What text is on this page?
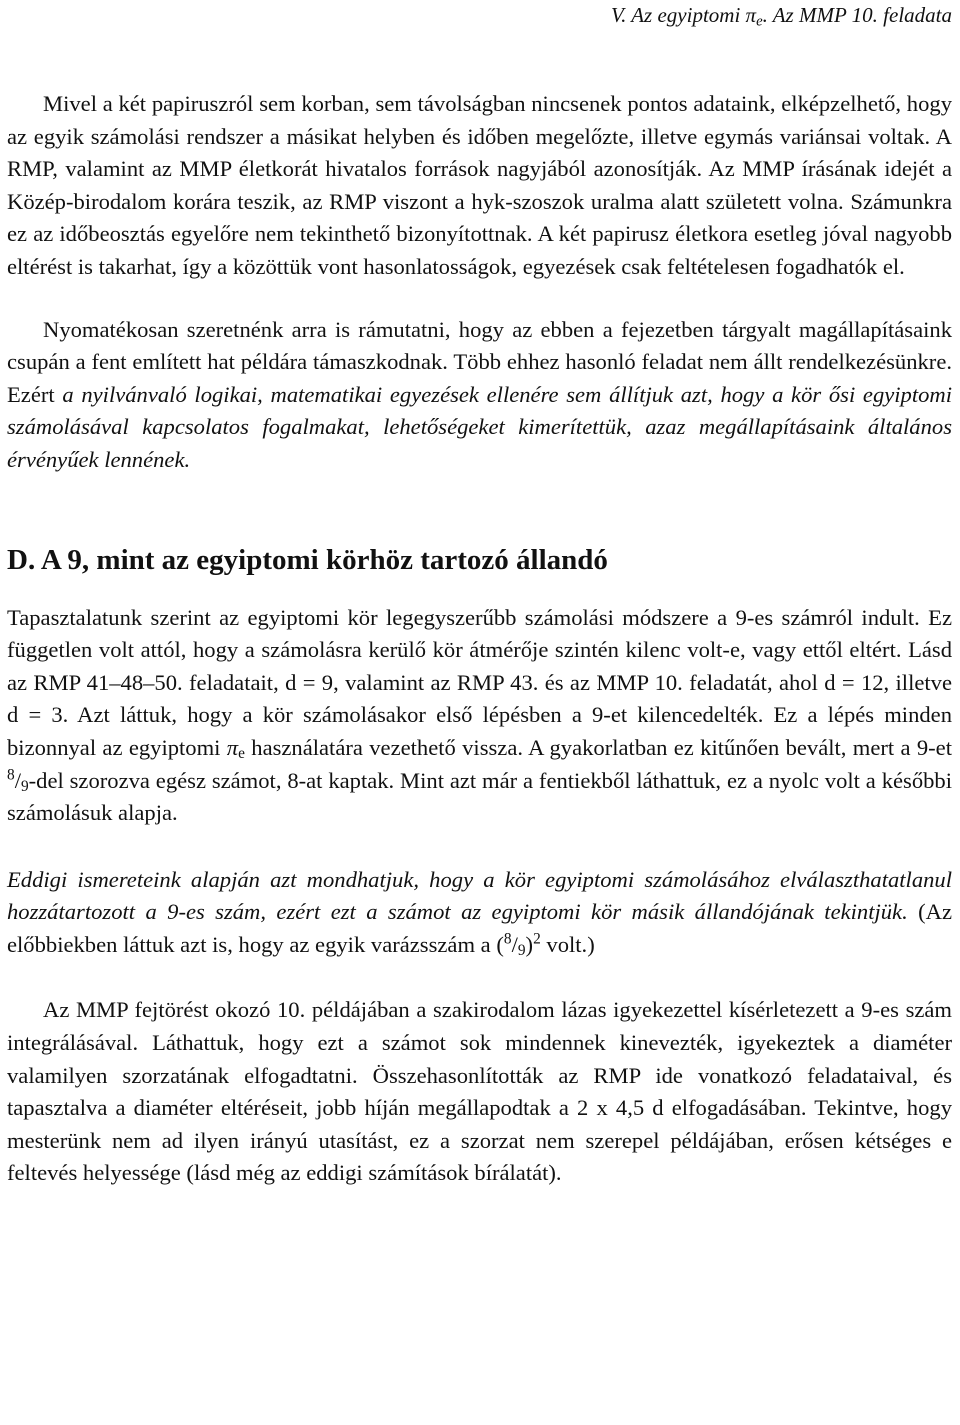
V. Az egyiptomi $\pi_e$. Az MMP 10. feladata

Mivel a két papiruszról sem korban, sem távolságban nincsenek pontos adataink, elképzelhető, hogy az egyik számolási rendszer a másikat helyben és időben megelőzte, illetve egymás variánsai voltak. A RMP, valamint az MMP életkorát hivatalos források nagyjából azonosítják. Az MMP írásának idejét a Közép-birodalom korára teszik, az RMP viszont a hyk-szoszok uralma alatt született volna. Számunkra ez az időbeosztás egyelőre nem tekinthető bizonyítottnak. A két papirusz életkora esetleg jóval nagyobb eltérést is takarhat, így a közöttük vont hasonlatosságok, egyezések csak feltételesen fogadhatók el.

Nyomatékosan szeretnénk arra is rámutatni, hogy az ebben a fejezetben tárgyalt magállapításaink csupán a fent említett hat példára támaszkodnak. Több ehhez hasonló feladat nem állt rendelkezésünkre. Ezért a nyilvánvaló logikai, matematikai egyezések ellenére sem állítjuk azt, hogy a kör ősi egyiptomi számolásával kapcsolatos fogalmakat, lehetőségeket kimerítettük, azaz megállapításaink általános érvényűek lennének.

D. A 9, mint az egyiptomi körhöz tartozó állandó

Tapasztalatunk szerint az egyiptomi kör legegyszerűbb számolási módszere a 9-es számról indult. Ez független volt attól, hogy a számolásra kerülő kör átmérője szintén kilenc volt-e, vagy ettől eltért. Lásd az RMP 41–48–50. feladatait, d = 9, valamint az RMP 43. és az MMP 10. feladatát, ahol d = 12, illetve d = 3. Azt láttuk, hogy a kör számolásakor első lépésben a 9-et kilencedelték. Ez a lépés minden bizonnyal az egyiptomi πe használatára vezethető vissza. A gyakorlatban ez kitűnően bevált, mert a 9-et $^8$/9-del szorozva egész számot, 8-at kaptak. Mint azt már a fentiekből láthattuk, ez a nyolc volt a későbbi számolásuk alapja.

Eddigi ismereteink alapján azt mondhatjuk, hogy a kör egyiptomi számolásához elválaszthatatlanul hozzátartozott a 9-es szám, ezért ezt a számot az egyiptomi kör másik állandójának tekintjük. (Az előbbiekben láttuk azt is, hogy az egyik varázsszám a $(^8/9)^2$ volt.)

Az MMP fejtörést okozó 10. példájában a szakirodalom lázas igyekezettel kísérletezett a 9-es szám integrálásával. Láthattuk, hogy ezt a számot sok mindennek kinevezték, igyekeztek a diaméter valamilyen szorzatának elfogadtatni. Összehasonlították az RMP ide vonatkozó feladataival, és tapasztalva a diaméter eltéréseit, jobb híján megállapodtak a 2 x 4,5 d elfogadásában. Tekintve, hogy mesterünk nem ad ilyen irányú utasítást, ez a szorzat nem szerepel példájában, erősen kétséges e feltevés helyessége (lásd még az eddigi számítások bírálatát).
